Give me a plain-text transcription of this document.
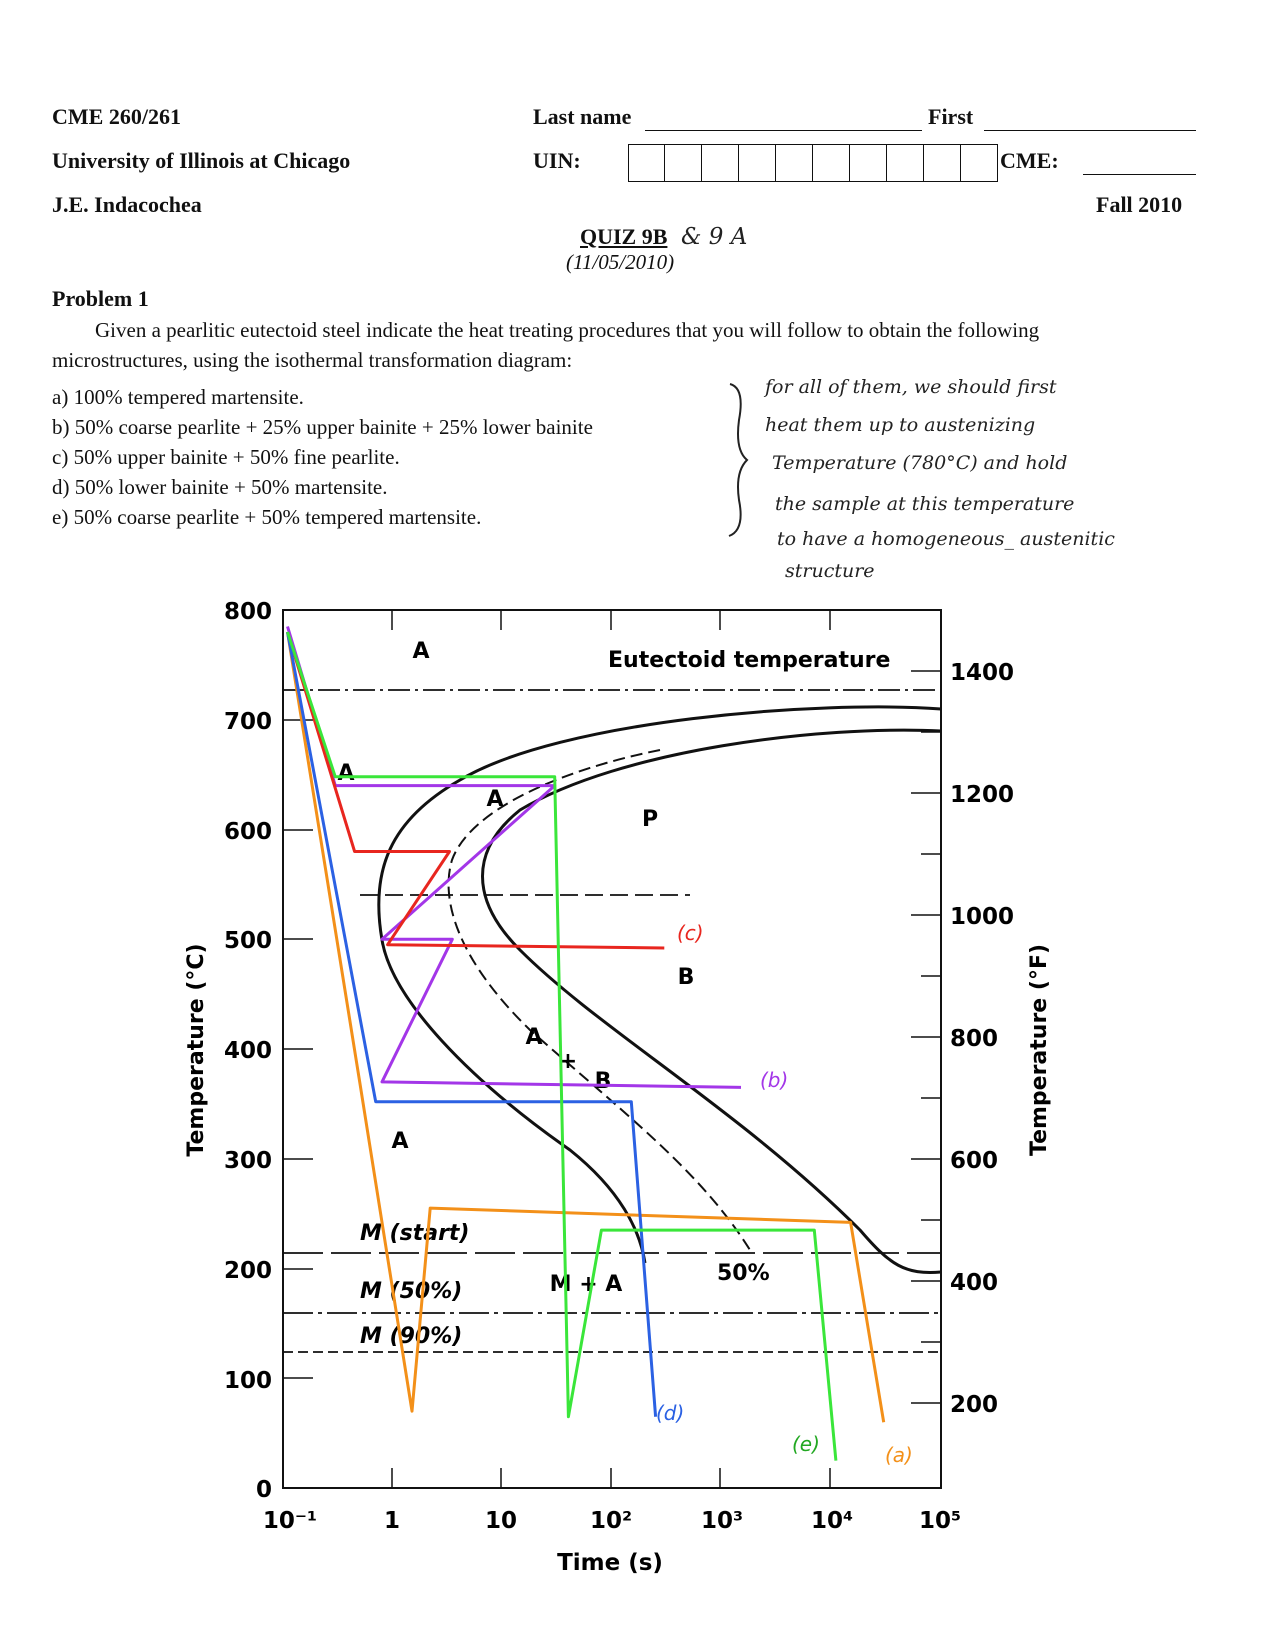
CME 260/261
University of Illinois at Chicago
J.E. Indacochea
Last name	First
UIN:	CME:
Fall 2010
QUIZ 9B & 9 A
(11/05/2010)
Problem 1
Given a pearlitic eutectoid steel indicate the heat treating procedures that you will follow to obtain the following
microstructures, using the isothermal transformation diagram:
a) 100% tempered martensite.
b) 50% coarse pearlite + 25% upper bainite + 25% lower bainite
c) 50% upper bainite + 50% fine pearlite.
d) 50% lower bainite + 50% martensite.
e) 50% coarse pearlite + 50% tempered martensite.
for all of them, we should first
heat them up to austenizing
Temperature (780°C) and hold
the sample at this temperature
to have a homogeneous_ austenitic
structure
Temperature (°C)	Temperature (°F)
Time (s)
0
100
200
300
400
500
600
700
800
200
400
600
800
1000
1200
1400
10⁻¹	1	10	10²	10³	10⁴	10⁵
A
A
A
P
B
A
+
B
A
M + A
Eutectoid temperature
M (start)
M (50%)
M (90%)
50%
(a)
(b)
(c)
(d)
(e)
